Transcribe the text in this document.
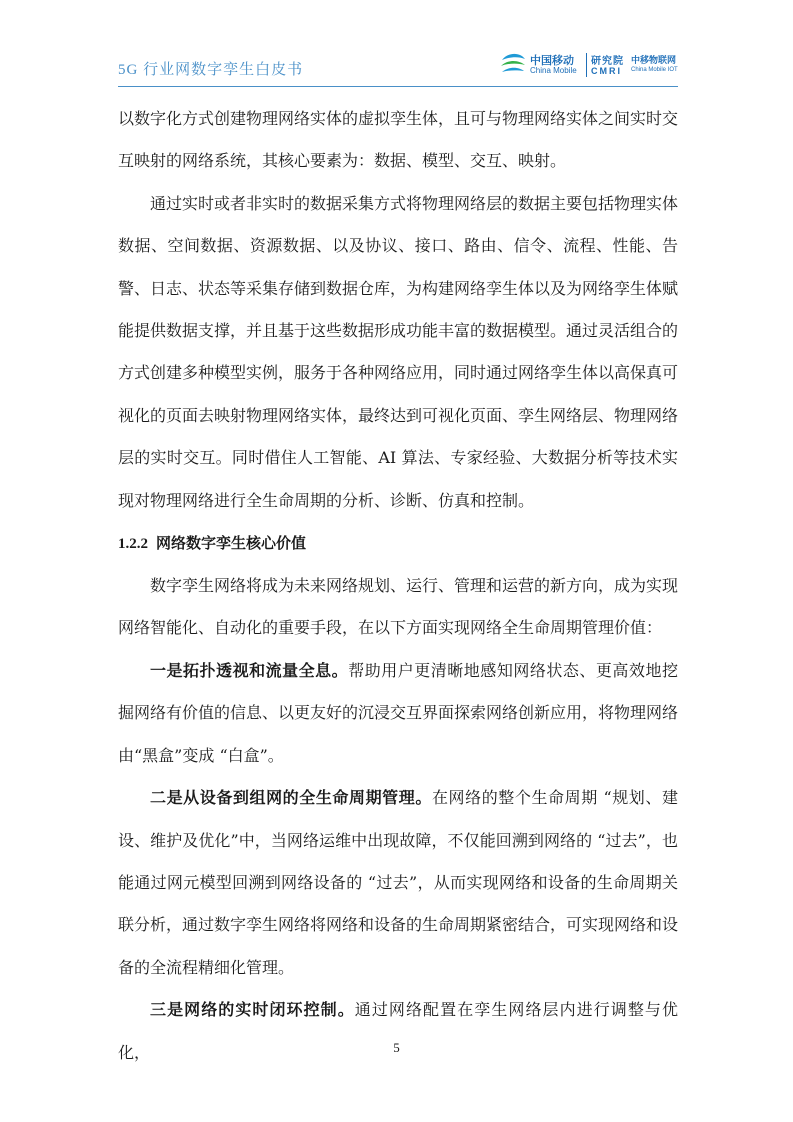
5G 行业网数字孪生白皮书
中国移动
China Mobile
研究院
CMRI
中移物联网
China Mobile IOT

以数字化方式创建物理网络实体的虚拟孪生体，且可与物理网络实体之间实时交互映射的网络系统，其核心要素为：数据、模型、交互、映射。

通过实时或者非实时的数据采集方式将物理网络层的数据主要包括物理实体数据、空间数据、资源数据、以及协议、接口、路由、信令、流程、性能、告警、日志、状态等采集存储到数据仓库，为构建网络孪生体以及为网络孪生体赋能提供数据支撑，并且基于这些数据形成功能丰富的数据模型。通过灵活组合的方式创建多种模型实例，服务于各种网络应用，同时通过网络孪生体以高保真可视化的页面去映射物理网络实体，最终达到可视化页面、孪生网络层、物理网络层的实时交互。同时借住人工智能、AI 算法、专家经验、大数据分析等技术实现对物理网络进行全生命周期的分析、诊断、仿真和控制。

1.2.2 网络数字孪生核心价值

数字孪生网络将成为未来网络规划、运行、管理和运营的新方向，成为实现网络智能化、自动化的重要手段，在以下方面实现网络全生命周期管理价值：

一是拓扑透视和流量全息。帮助用户更清晰地感知网络状态、更高效地挖掘网络有价值的信息、以更友好的沉浸交互界面探索网络创新应用，将物理网络由“黑盒”变成 “白盒”。

二是从设备到组网的全生命周期管理。在网络的整个生命周期 “规划、建设、维护及优化”中，当网络运维中出现故障，不仅能回溯到网络的 “过去”，也能通过网元模型回溯到网络设备的 “过去”，从而实现网络和设备的生命周期关联分析，通过数字孪生网络将网络和设备的生命周期紧密结合，可实现网络和设备的全流程精细化管理。

三是网络的实时闭环控制。通过网络配置在孪生网络层内进行调整与优化，	5
